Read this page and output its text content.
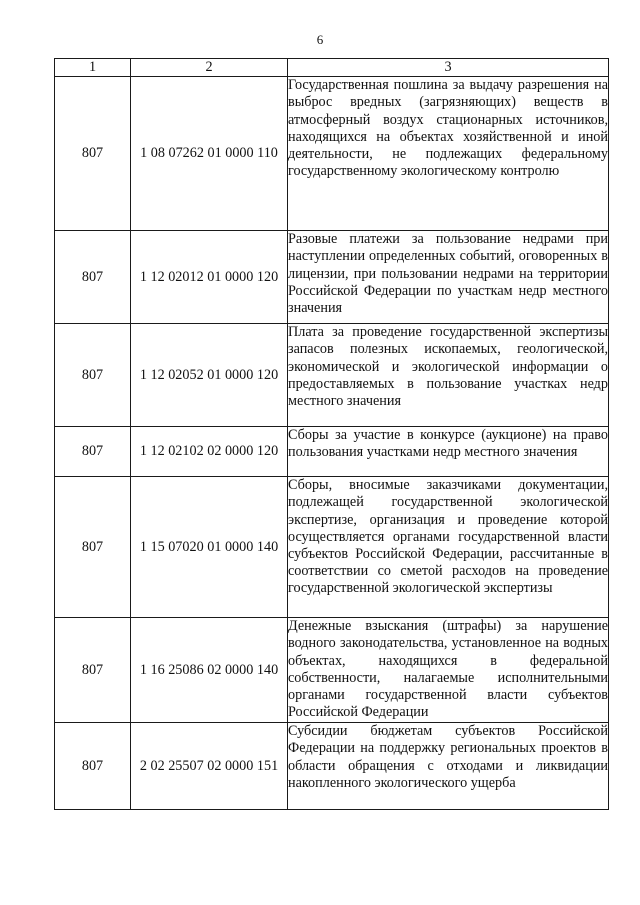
6
1	2	3
807	1 08 07262 01 0000 110	Государственная пошлина за выдачу разрешения на выброс вредных (загрязняющих) веществ в атмосферный воздух стационарных источников, находящихся на объектах хозяйственной и иной деятельности, не подлежащих федеральному государственному экологическому контролю
807	1 12 02012 01 0000 120	Разовые платежи за пользование недрами при наступлении определенных событий, оговоренных в лицензии, при пользовании недрами на территории Российской Федерации по участкам недр местного значения
807	1 12 02052 01 0000 120	Плата за проведение государственной экспертизы запасов полезных ископаемых, геологической, экономической и экологической информации о предоставляемых в пользование участках недр местного значения
807	1 12 02102 02 0000 120	Сборы за участие в конкурсе (аукционе) на право пользования участками недр местного значения
807	1 15 07020 01 0000 140	Сборы, вносимые заказчиками документации, подлежащей государственной экологической экспертизе, организация и проведение которой осуществляется органами государственной власти субъектов Российской Федерации, рассчитанные в соответствии со сметой расходов на проведение государственной экологической экспертизы
807	1 16 25086 02 0000 140	Денежные взыскания (штрафы) за нарушение водного законодательства, установленное на водных объектах, находящихся в федеральной собственности, налагаемые исполнительными органами государственной власти субъектов Российской Федерации
807	2 02 25507 02 0000 151	Субсидии бюджетам субъектов Российской Федерации на поддержку региональных проектов в области обращения с отходами и ликвидации накопленного экологического ущерба
